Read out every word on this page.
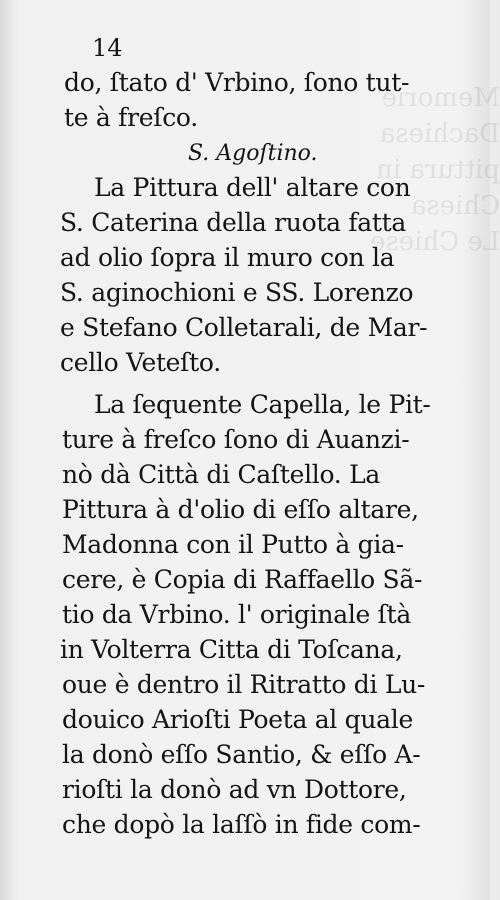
Memorie
Dachiesa
pittura in
Chiesa
Le Chiese
14
do, ſtato d' Vrbino, ſono tut-
te à freſco.
La Pittura dell' altare con
S. Caterina della ruota fatta
ad olio ſopra il muro con la
S. aginochioni e SS. Lorenzo
e Stefano Colletarali, de Mar-
cello Veteſto.
La ſequente Capella, le Pit-
ture à freſco ſono di Auanzi-
nò dà Città di Caſtello. La
Pittura à d'olio di eſſo altare,
Madonna con il Putto à gia-
cere, è Copia di Raffaello Sã-
tio da Vrbino. l' originale ſtà
in Volterra Citta di Toſcana,
oue è dentro il Ritratto di Lu-
douico Arioſti Poeta al quale
la donò eſſo Santio, & eſſo A-
rioſti la donò ad vn Dottore,
che dopò la laſſò in fide com-
S. Agoſtino.
